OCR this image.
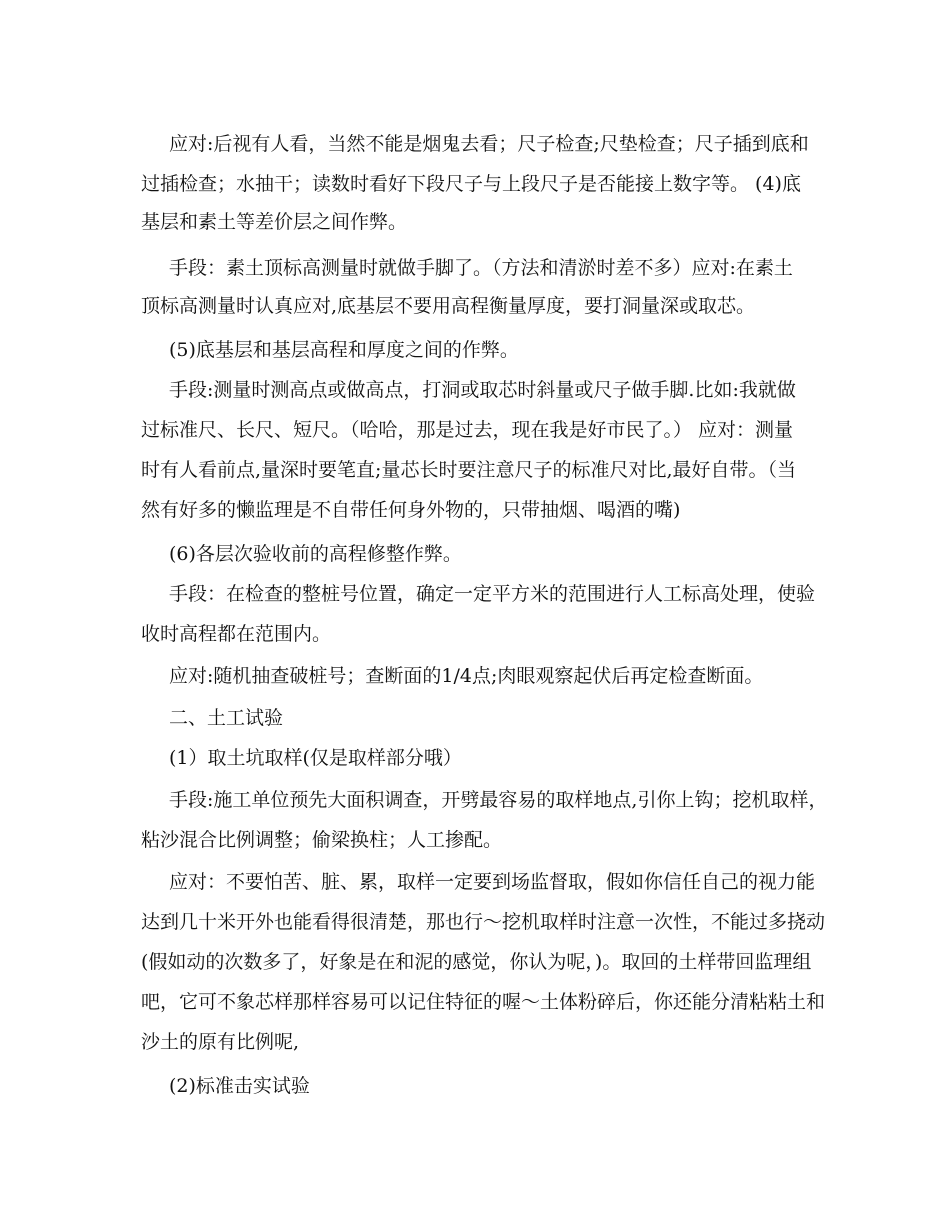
应对:后视有人看，当然不能是烟鬼去看；尺子检查;尺垫检查；尺子插到底和
过插检查；水抽干；读数时看好下段尺子与上段尺子是否能接上数字等。 (4)底
基层和素土等差价层之间作弊。
手段：素土顶标高测量时就做手脚了。（方法和清淤时差不多）应对:在素土
顶标高测量时认真应对,底基层不要用高程衡量厚度，要打洞量深或取芯。
(5)底基层和基层高程和厚度之间的作弊。
手段:测量时测高点或做高点，打洞或取芯时斜量或尺子做手脚.比如:我就做
过标准尺、长尺、短尺。（哈哈，那是过去，现在我是好市民了。） 应对：测量
时有人看前点,量深时要笔直;量芯长时要注意尺子的标准尺对比,最好自带。（当
然有好多的懒监理是不自带任何身外物的，只带抽烟、喝酒的嘴)
(6)各层次验收前的高程修整作弊。
手段：在检查的整桩号位置，确定一定平方米的范围进行人工标高处理，使验
收时高程都在范围内。
应对:随机抽查破桩号；查断面的1/4点;肉眼观察起伏后再定检查断面。
二、土工试验
(1）取土坑取样(仅是取样部分哦）
手段:施工单位预先大面积调查，开劈最容易的取样地点,引你上钩；挖机取样，
粘沙混合比例调整；偷梁换柱；人工掺配。
应对：不要怕苦、脏、累，取样一定要到场监督取，假如你信任自己的视力能
达到几十米开外也能看得很清楚，那也行～挖机取样时注意一次性，不能过多挠动
(假如动的次数多了，好象是在和泥的感觉，你认为呢，)。取回的土样带回监理组
吧，它可不象芯样那样容易可以记住特征的喔～土体粉碎后，你还能分清粘粘土和
沙土的原有比例呢,
(2)标准击实试验
